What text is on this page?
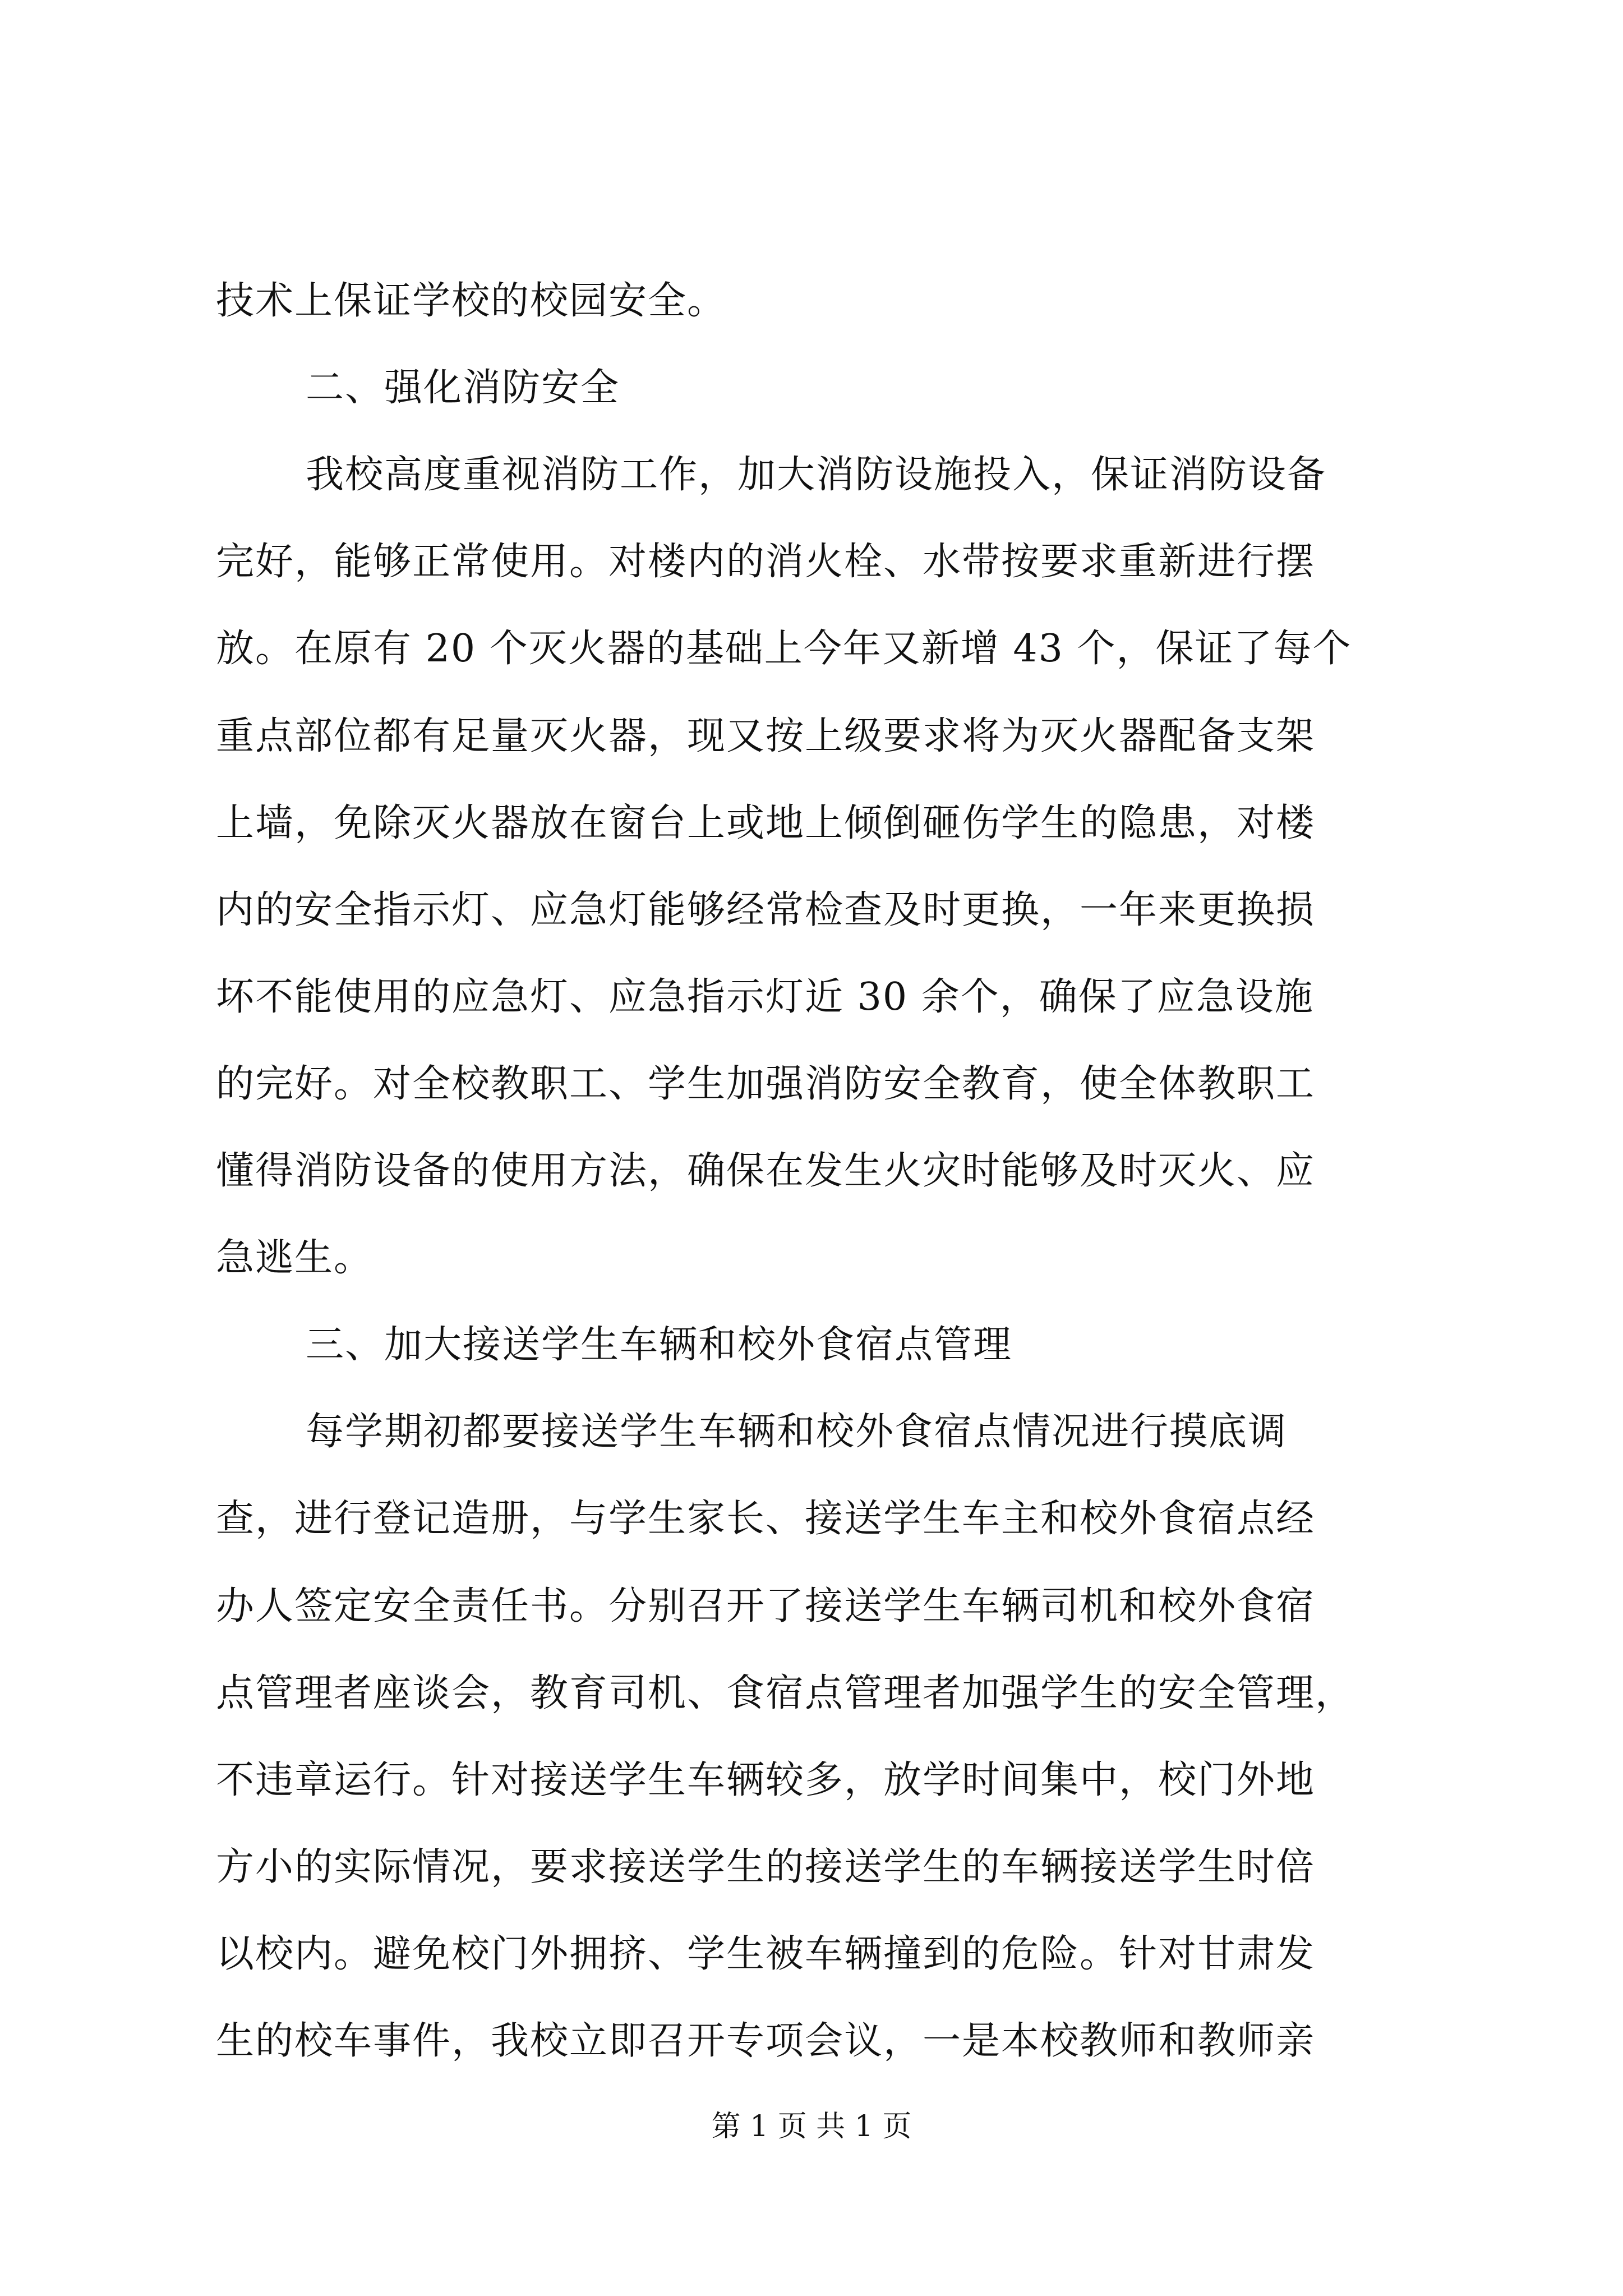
技术上保证学校的校园安全。
二、强化消防安全
我校高度重视消防工作，加大消防设施投入，保证消防设备
完好，能够正常使用。对楼内的消火栓、水带按要求重新进行摆
放。在原有 20 个灭火器的基础上今年又新增 43 个，保证了每个
重点部位都有足量灭火器，现又按上级要求将为灭火器配备支架
上墙，免除灭火器放在窗台上或地上倾倒砸伤学生的隐患，对楼
内的安全指示灯、应急灯能够经常检查及时更换，一年来更换损
坏不能使用的应急灯、应急指示灯近 30 余个，确保了应急设施
的完好。对全校教职工、学生加强消防安全教育，使全体教职工
懂得消防设备的使用方法，确保在发生火灾时能够及时灭火、应
急逃生。
三、加大接送学生车辆和校外食宿点管理
每学期初都要接送学生车辆和校外食宿点情况进行摸底调
查，进行登记造册，与学生家长、接送学生车主和校外食宿点经
办人签定安全责任书。分别召开了接送学生车辆司机和校外食宿
点管理者座谈会，教育司机、食宿点管理者加强学生的安全管理，
不违章运行。针对接送学生车辆较多，放学时间集中，校门外地
方小的实际情况，要求接送学生的接送学生的车辆接送学生时倍
以校内。避免校门外拥挤、学生被车辆撞到的危险。针对甘肃发
生的校车事件，我校立即召开专项会议，一是本校教师和教师亲
第 1 页 共 1 页
